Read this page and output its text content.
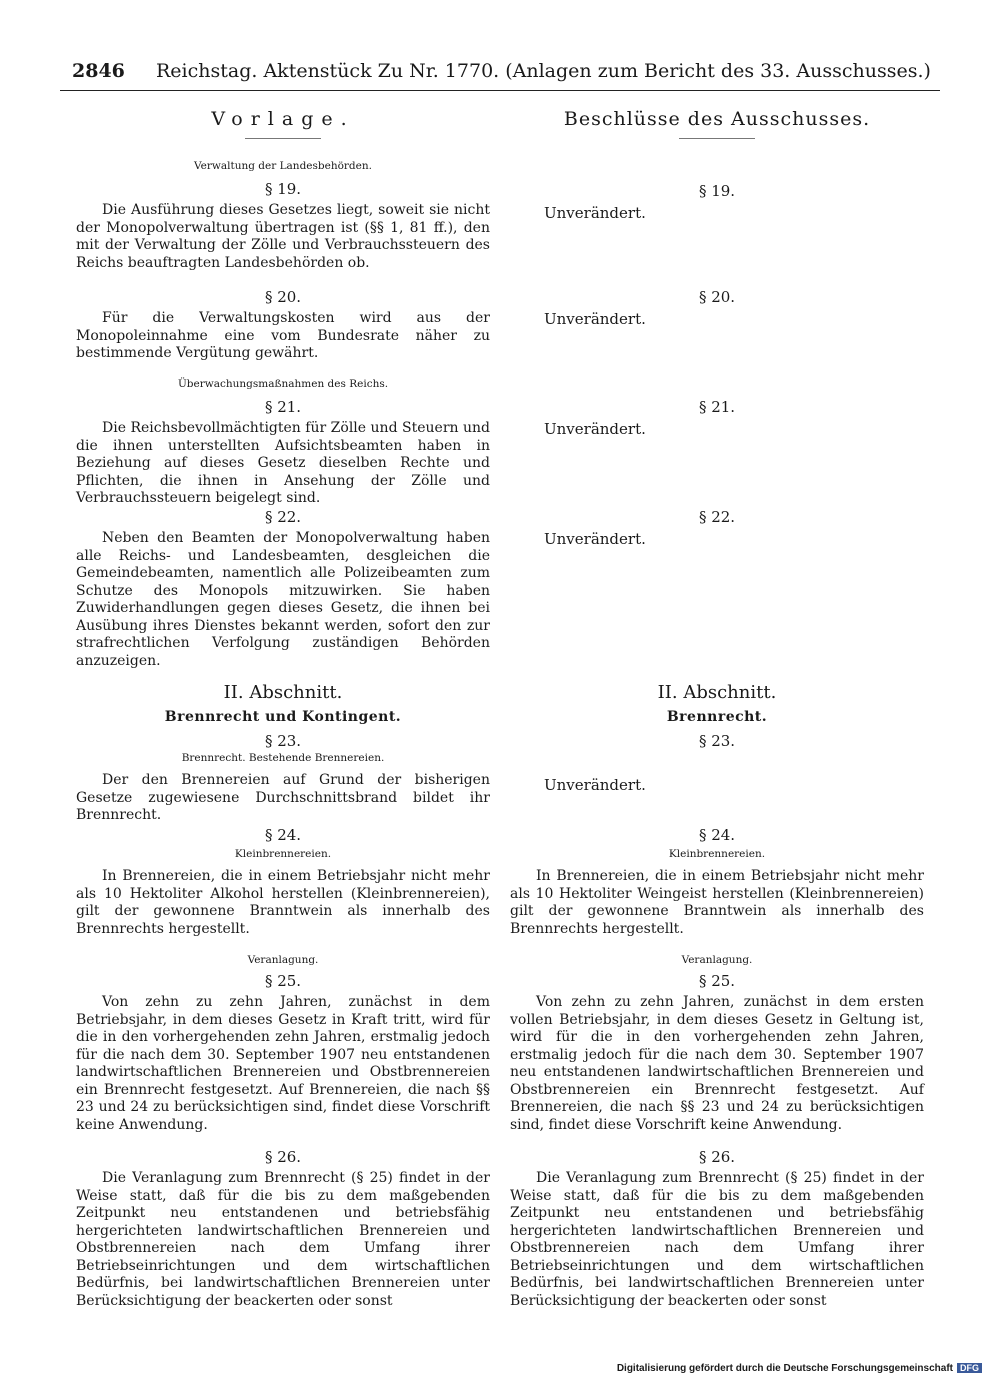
2846 Reichstag. Aktenstück Zu Nr. 1770. (Anlagen zum Bericht des 33. Ausschusses.)
Vorlage.
Verwaltung der Landesbehörden.
§ 19.
Die Ausführung dieses Gesetzes liegt, soweit sie nicht der Monopolverwaltung übertragen ist (§§ 1, 81 ff.), den mit der Verwaltung der Zölle und Verbrauchssteuern des Reichs beauftragten Landesbehörden ob.
§ 20.
Für die Verwaltungskosten wird aus der Monopoleinnahme eine vom Bundesrate näher zu bestimmende Vergütung gewährt.
Überwachungsmaßnahmen des Reichs.
§ 21.
Die Reichsbevollmächtigten für Zölle und Steuern und die ihnen unterstellten Aufsichtsbeamten haben in Beziehung auf dieses Gesetz dieselben Rechte und Pflichten, die ihnen in Ansehung der Zölle und Verbrauchssteuern beigelegt sind.
§ 22.
Neben den Beamten der Monopolverwaltung haben alle Reichs- und Landesbeamten, desgleichen die Gemeindebeamten, namentlich alle Polizeibeamten zum Schutze des Monopols mitzuwirken. Sie haben Zuwiderhandlungen gegen dieses Gesetz, die ihnen bei Ausübung ihres Dienstes bekannt werden, sofort den zur strafrechtlichen Verfolgung zuständigen Behörden anzuzeigen.
II. Abschnitt.
Brennrecht und Kontingent.
§ 23.
Brennrecht. Bestehende Brennereien.
Der den Brennereien auf Grund der bisherigen Gesetze zugewiesene Durchschnittsbrand bildet ihr Brennrecht.
§ 24.
Kleinbrennereien.
In Brennereien, die in einem Betriebsjahr nicht mehr als 10 Hektoliter Alkohol herstellen (Kleinbrennereien), gilt der gewonnene Branntwein als innerhalb des Brennrechts hergestellt.
Veranlagung.
§ 25.
Von zehn zu zehn Jahren, zunächst in dem Betriebsjahr, in dem dieses Gesetz in Kraft tritt, wird für die in den vorhergehenden zehn Jahren, erstmalig jedoch für die nach dem 30. September 1907 neu entstandenen landwirtschaftlichen Brennereien und Obstbrennereien ein Brennrecht festgesetzt. Auf Brennereien, die nach §§ 23 und 24 zu berücksichtigen sind, findet diese Vorschrift keine Anwendung.
§ 26.
Die Veranlagung zum Brennrecht (§ 25) findet in der Weise statt, daß für die bis zu dem maßgebenden Zeitpunkt neu entstandenen und betriebsfähig hergerichteten landwirtschaftlichen Brennereien und Obstbrennereien nach dem Umfang ihrer Betriebseinrichtungen und dem wirtschaftlichen Bedürfnis, bei landwirtschaftlichen Brennereien unter Berücksichtigung der beackerten oder sonst
Beschlüsse des Ausschusses.
§ 19.
Unverändert.
§ 20.
Unverändert.
§ 21.
Unverändert.
§ 22.
Unverändert.
II. Abschnitt.
Brennrecht.
§ 23.
Unverändert.
§ 24.
Kleinbrennereien.
In Brennereien, die in einem Betriebsjahr nicht mehr als 10 Hektoliter Weingeist herstellen (Kleinbrennereien) gilt der gewonnene Branntwein als innerhalb des Brennrechts hergestellt.
Veranlagung.
§ 25.
Von zehn zu zehn Jahren, zunächst in dem ersten vollen Betriebsjahr, in dem dieses Gesetz in Geltung ist, wird für die in den vorhergehenden zehn Jahren, erstmalig jedoch für die nach dem 30. September 1907 neu entstandenen landwirtschaftlichen Brennereien und Obstbrennereien ein Brennrecht festgesetzt. Auf Brennereien, die nach §§ 23 und 24 zu berücksichtigen sind, findet diese Vorschrift keine Anwendung.
§ 26.
Die Veranlagung zum Brennrecht (§ 25) findet in der Weise statt, daß für die bis zu dem maßgebenden Zeitpunkt neu entstandenen und betriebsfähig hergerichteten landwirtschaftlichen Brennereien und Obstbrennereien nach dem Umfang ihrer Betriebseinrichtungen und dem wirtschaftlichen Bedürfnis, bei landwirtschaftlichen Brennereien unter Berücksichtigung der beackerten oder sonst
Digitalisierung gefördert durch die Deutsche Forschungsgemeinschaft DFG
